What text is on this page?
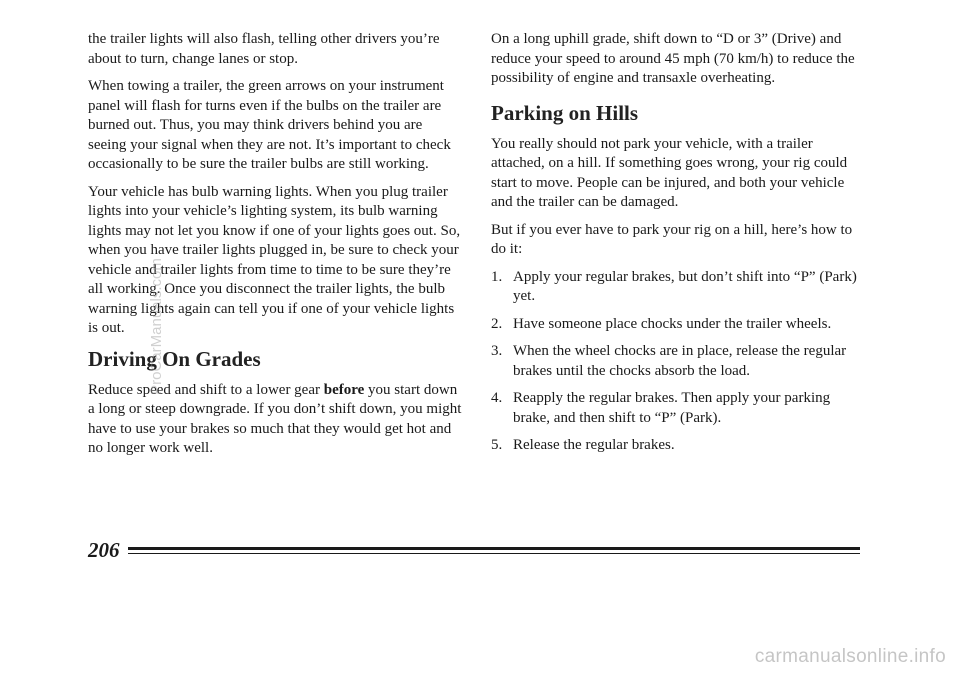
the trailer lights will also flash, telling other drivers you’re about to turn, change lanes or stop.

When towing a trailer, the green arrows on your instrument panel will flash for turns even if the bulbs on the trailer are burned out. Thus, you may think drivers behind you are seeing your signal when they are not. It’s important to check occasionally to be sure the trailer bulbs are still working.

Your vehicle has bulb warning lights. When you plug trailer lights into your vehicle’s lighting system, its bulb warning lights may not let you know if one of your lights goes out. So, when you have trailer lights plugged in, be sure to check your vehicle and trailer lights from time to time to be sure they’re all working. Once you disconnect the trailer lights, the bulb warning lights again can tell you if one of your vehicle lights is out.

Driving On Grades

Reduce speed and shift to a lower gear before you start down a long or steep downgrade. If you don’t shift down, you might have to use your brakes so much that they would get hot and no longer work well.

On a long uphill grade, shift down to “D or 3” (Drive) and reduce your speed to around 45 mph (70 km/h) to reduce the possibility of engine and transaxle overheating.

Parking on Hills

You really should not park your vehicle, with a trailer attached, on a hill. If something goes wrong, your rig could start to move. People can be injured, and both your vehicle and the trailer can be damaged.

But if you ever have to park your rig on a hill, here’s how to do it:

1. Apply your regular brakes, but don’t shift into “P” (Park) yet.
2. Have someone place chocks under the trailer wheels.
3. When the wheel chocks are in place, release the regular brakes until the chocks absorb the load.
4. Reapply the regular brakes. Then apply your parking brake, and then shift to “P” (Park).
5. Release the regular brakes.
206
ProCarManuals.com
carmanualsonline.info
